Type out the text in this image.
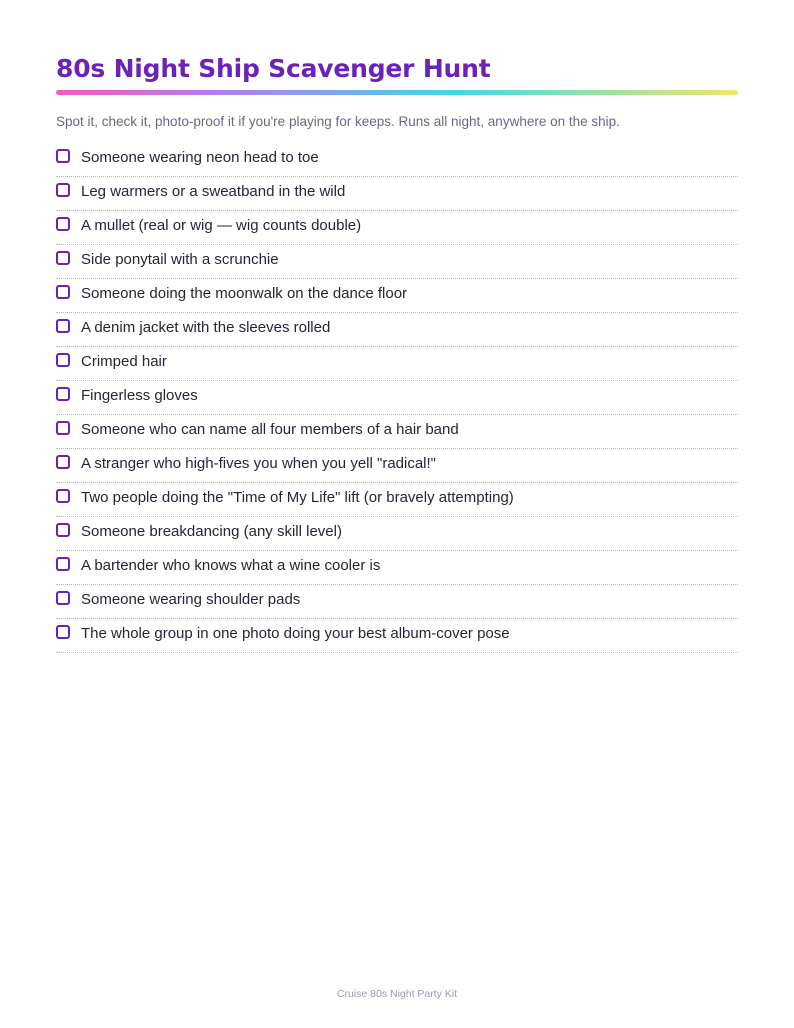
80s Night Ship Scavenger Hunt
Spot it, check it, photo-proof it if you're playing for keeps. Runs all night, anywhere on the ship.
Someone wearing neon head to toe
Leg warmers or a sweatband in the wild
A mullet (real or wig — wig counts double)
Side ponytail with a scrunchie
Someone doing the moonwalk on the dance floor
A denim jacket with the sleeves rolled
Crimped hair
Fingerless gloves
Someone who can name all four members of a hair band
A stranger who high-fives you when you yell "radical!"
Two people doing the "Time of My Life" lift (or bravely attempting)
Someone breakdancing (any skill level)
A bartender who knows what a wine cooler is
Someone wearing shoulder pads
The whole group in one photo doing your best album-cover pose
Cruise 80s Night Party Kit
